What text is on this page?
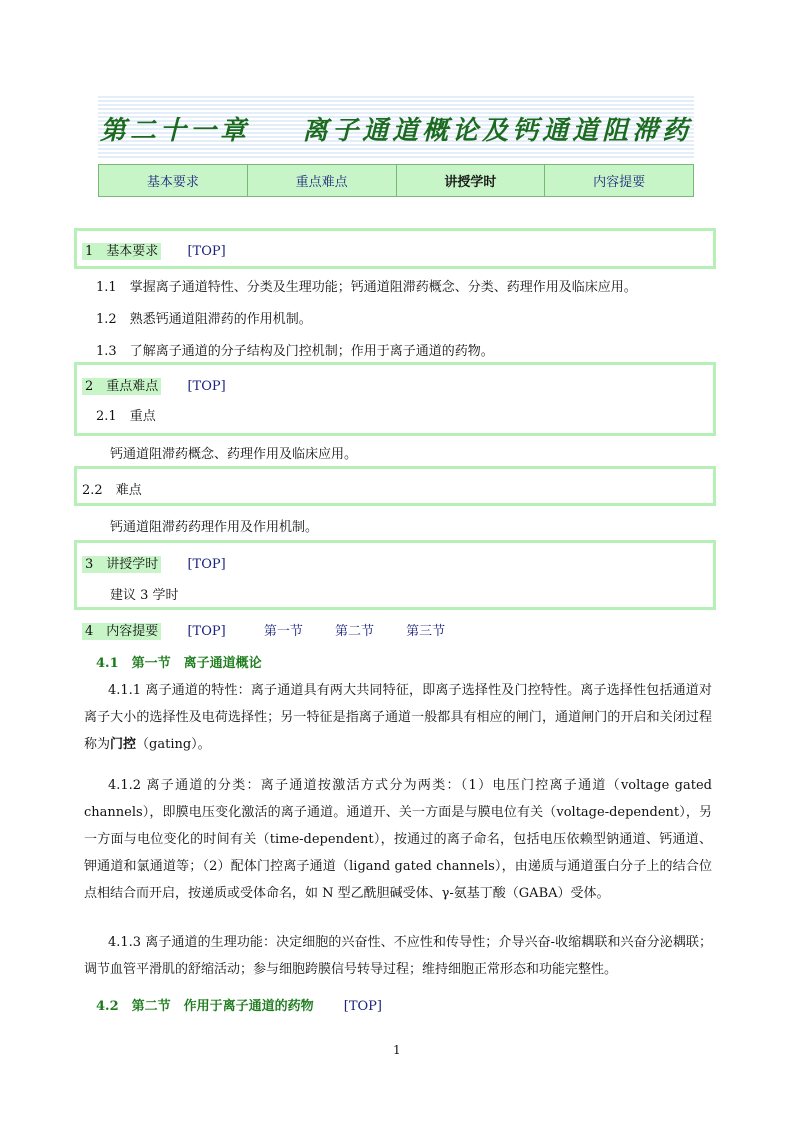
第二十一章    离子通道概论及钙通道阻滞药
基本要求	重点难点	讲授学时	内容提要
1　 基本要求 [TOP]
1.1　 掌握离子通道特性、分类及生理功能；钙通道阻滞药概念、分类、药理作用及临床应用。
1.2　 熟悉钙通道阻滞药的作用机制。
1.3　 了解离子通道的分子结构及门控机制；作用于离子通道的药物。
2　 重点难点 [TOP]
2.1　 重点
钙通道阻滞药概念、药理作用及临床应用。
2.2　 难点
钙通道阻滞药药理作用及作用机制。
3　 讲授学时 [TOP]
建议 3 学时
4　 内容提要 [TOP]	第一节 第二节 第三节
4.1　第一节　离子通道概论
4.1.1 离子通道的特性：离子通道具有两大共同特征，即离子选择性及门控特性。离子选择性包括通道对离子大小的选择性及电荷选择性；另一特征是指离子通道一般都具有相应的闸门，通道闸门的开启和关闭过程称为门控（gating）。
4.1.2 离子通道的分类：离子通道按激活方式分为两类：（1）电压门控离子通道（voltage gated channels），即膜电压变化激活的离子通道。通道开、关一方面是与膜电位有关（voltage-dependent），另一方面与电位变化的时间有关（time-dependent），按通过的离子命名，包括电压依赖型钠通道、钙通道、钾通道和氯通道等；（2）配体门控离子通道（ligand gated channels），由递质与通道蛋白分子上的结合位点相结合而开启，按递质或受体命名，如 N 型乙酰胆碱受体、γ-氨基丁酸（GABA）受体。
4.1.3 离子通道的生理功能：决定细胞的兴奋性、不应性和传导性；介导兴奋-收缩耦联和兴奋分泌耦联；调节血管平滑肌的舒缩活动；参与细胞跨膜信号转导过程；维持细胞正常形态和功能完整性。
4.2　第二节　作用于离子通道的药物 [TOP]
1
